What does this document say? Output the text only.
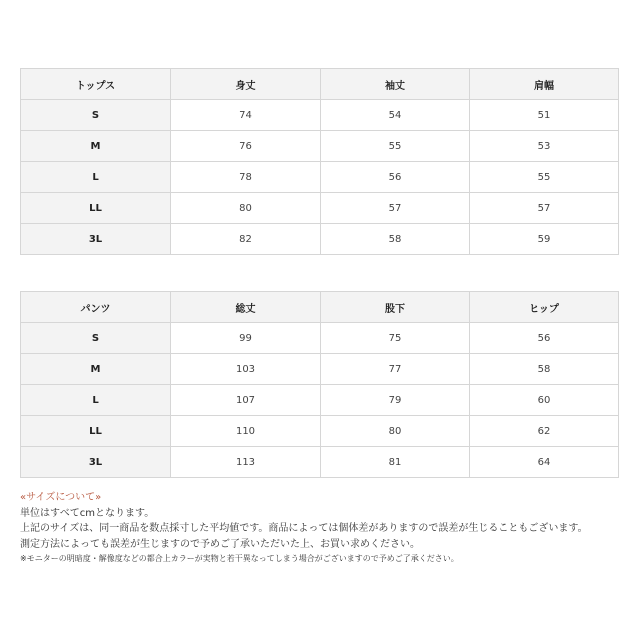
トップス	身丈	袖丈	肩幅
S	74	54	51
M	76	55	53
L	78	56	55
LL	80	57	57
3L	82	58	59
パンツ	総丈	股下	ヒップ
S	99	75	56
M	103	77	58
L	107	79	60
LL	110	80	62
3L	113	81	64
«サイズについて»
単位はすべてcmとなります。
上記のサイズは、同一商品を数点採寸した平均値です。商品によっては個体差がありますので誤差が生じることもございます。
測定方法によっても誤差が生じますので予めご了承いただいた上、お買い求めください。
※モニターの明暗度・解像度などの都合上カラーが実物と若干異なってしまう場合がございますので予めご了承ください。
